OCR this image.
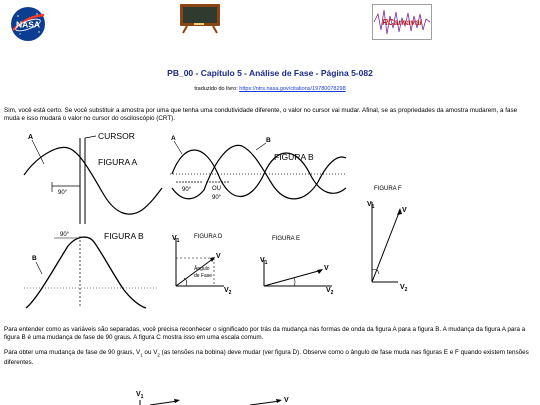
NASA	RCarnaval
PB_00 - Capítulo 5 - Análise de Fase - Página 5-082
traduzido do livro: https://ntrs.nasa.gov/citations/19780078298
Sim, você está certo. Se você substituir a amostra por uma que tenha uma condutividade diferente, o valor no cursor vai mudar. Afinal, se as propriedades da amostra mudarem, a fase muda e isso mudará o valor no cursor do osciloscópio (CRT).
A	CURSOR
FIGURA A
90°
A	B
FIGURA B
90°	OU
90°
FIGURA F
$V_1$	V
$V_2$
90°
B
FIGURA B	FIGURA D
$V_1$
V
$V_2$
Ângulo
de Fase
FIGURA E
$V_1$
V
$V_2$
Para entender como as variáveis são separadas, você precisa reconhecer o significado por trás da mudança nas formas de onda da figura A para a figura B. A mudança da figura A para a figura B é uma mudança de fase de 90 graus. A figura C mostra isso em uma escala comum.
Para obter uma mudança de fase de 90 graus, $V_1$ ou $V_2$ (as tensões na bobina) deve mudar (ver figura D). Observe como o ângulo de fase muda nas figuras E e F quando existem tensões diferentes.
$V_1$	V
